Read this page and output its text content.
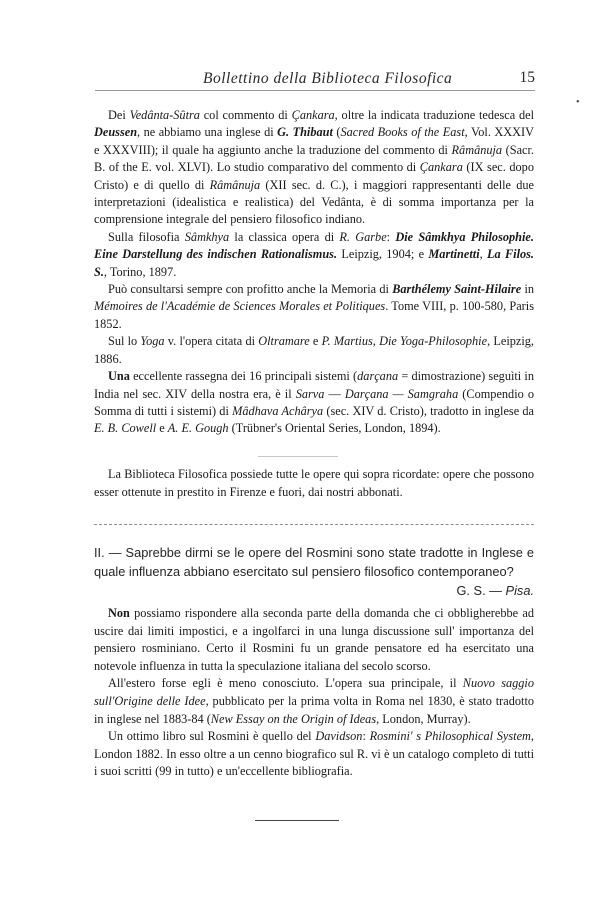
Bollettino della Biblioteca Filosofica	15
•

Dei Vedânta-Sûtra col commento di Çankara, oltre la indicata traduzione tedesca del Deussen, ne abbiamo una inglese di G. Thibaut (Sacred Books of the East, Vol. XXXIV e XXXVIII); il quale ha aggiunto anche la traduzione del commento di Râmânuja (Sacr. B. of the E. vol. XLVI). Lo studio comparativo del commento di Çankara (IX sec. dopo Cristo) e di quello di Râmânuja (XII sec. d. C.), i maggiori rappresentanti delle due interpretazioni (idealistica e realistica) del Vedânta, è di somma importanza per la comprensione integrale del pensiero filosofico indiano.

Sulla filosofia Sâmkhya la classica opera di R. Garbe: Die Sâmkhya Philosophie. Eine Darstellung des indischen Rationalismus. Leipzig, 1904; e Martinetti, La Filos. S., Torino, 1897.

Può consultarsi sempre con profitto anche la Memoria di Barthélemy Saint-Hilaire in Mémoires de l'Académie de Sciences Morales et Politiques. Tome VIII, p. 100-580, Paris 1852.

Sul lo Yoga v. l'opera citata di Oltramare e P. Martius, Die Yoga-Philosophie, Leipzig, 1886.

Una eccellente rassegna dei 16 principali sistemi (darçana = dimostrazione) seguìti in India nel sec. XIV della nostra era, è il Sarva — Darçana — Samgraha (Compendio o Somma di tutti i sistemi) di Mâdhava Achârya (sec. XIV d. Cristo), tradotto in inglese da E. B. Cowell e A. E. Gough (Trübner's Oriental Series, London, 1894).

La Biblioteca Filosofica possiede tutte le opere qui sopra ricordate: opere che possono esser ottenute in prestito in Firenze e fuori, dai nostri abbonati.

II. — Saprebbe dirmi se le opere del Rosmini sono state tradotte in Inglese e quale influenza abbiano esercitato sul pensiero filosofico contemporaneo?
G. S. — Pisa.

Non possiamo rispondere alla seconda parte della domanda che ci obbligherebbe ad uscire dai limiti impostici, e a ingolfarci in una lunga discussione sull' importanza del pensiero rosminiano. Certo il Rosmini fu un grande pensatore ed ha esercitato una notevole influenza in tutta la speculazione italiana del secolo scorso.

All'estero forse egli è meno conosciuto. L'opera sua principale, il Nuovo saggio sull'Origine delle Idee, pubblicato per la prima volta in Roma nel 1830, è stato tradotto in inglese nel 1883-84 (New Essay on the Origin of Ideas, London, Murray).

Un ottimo libro sul Rosmini è quello del Davidson: Rosmini' s Philosophical System, London 1882. In esso oltre a un cenno biografico sul R. vi è un catalogo completo di tutti i suoi scritti (99 in tutto) e un'eccellente bibliografia.
